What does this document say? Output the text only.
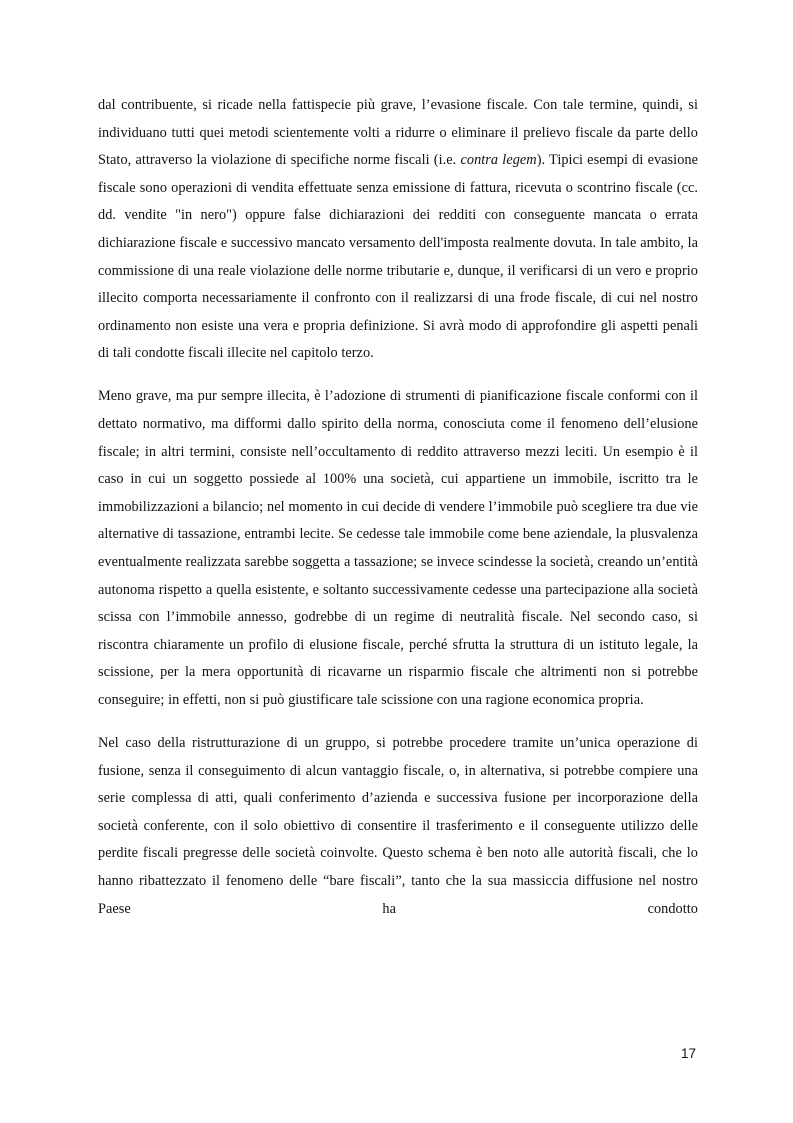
dal contribuente, si ricade nella fattispecie più grave, l’evasione fiscale. Con tale termine, quindi, si individuano tutti quei metodi scientemente volti a ridurre o eliminare il prelievo fiscale da parte dello Stato, attraverso la violazione di specifiche norme fiscali (i.e. contra legem). Tipici esempi di evasione fiscale sono operazioni di vendita effettuate senza emissione di fattura, ricevuta o scontrino fiscale (cc. dd. vendite "in nero") oppure false dichiarazioni dei redditi con conseguente mancata o errata dichiarazione fiscale e successivo mancato versamento dell'imposta realmente dovuta. In tale ambito, la commissione di una reale violazione delle norme tributarie e, dunque, il verificarsi di un vero e proprio illecito comporta necessariamente il confronto con il realizzarsi di una frode fiscale, di cui nel nostro ordinamento non esiste una vera e propria definizione. Si avrà modo di approfondire gli aspetti penali di tali condotte fiscali illecite nel capitolo terzo.

Meno grave, ma pur sempre illecita, è l’adozione di strumenti di pianificazione fiscale conformi con il dettato normativo, ma difformi dallo spirito della norma, conosciuta come il fenomeno dell’elusione fiscale; in altri termini, consiste nell’occultamento di reddito attraverso mezzi leciti. Un esempio è il caso in cui un soggetto possiede al 100% una società, cui appartiene un immobile, iscritto tra le immobilizzazioni a bilancio; nel momento in cui decide di vendere l’immobile può scegliere tra due vie alternative di tassazione, entrambi lecite. Se cedesse tale immobile come bene aziendale, la plusvalenza eventualmente realizzata sarebbe soggetta a tassazione; se invece scindesse la società, creando un’entità autonoma rispetto a quella esistente, e soltanto successivamente cedesse una partecipazione alla società scissa con l’immobile annesso, godrebbe di un regime di neutralità fiscale. Nel secondo caso, si riscontra chiaramente un profilo di elusione fiscale, perché sfrutta la struttura di un istituto legale, la scissione, per la mera opportunità di ricavarne un risparmio fiscale che altrimenti non si potrebbe conseguire; in effetti, non si può giustificare tale scissione con una ragione economica propria.

Nel caso della ristrutturazione di un gruppo, si potrebbe procedere tramite un’unica operazione di fusione, senza il conseguimento di alcun vantaggio fiscale, o, in alternativa, si potrebbe compiere una serie complessa di atti, quali conferimento d’azienda e successiva fusione per incorporazione della società conferente, con il solo obiettivo di consentire il trasferimento e il conseguente utilizzo delle perdite fiscali pregresse delle società coinvolte. Questo schema è ben noto alle autorità fiscali, che lo hanno ribattezzato il fenomeno delle “bare fiscali”, tanto che la sua massiccia diffusione nel nostro Paese ha condotto

17
